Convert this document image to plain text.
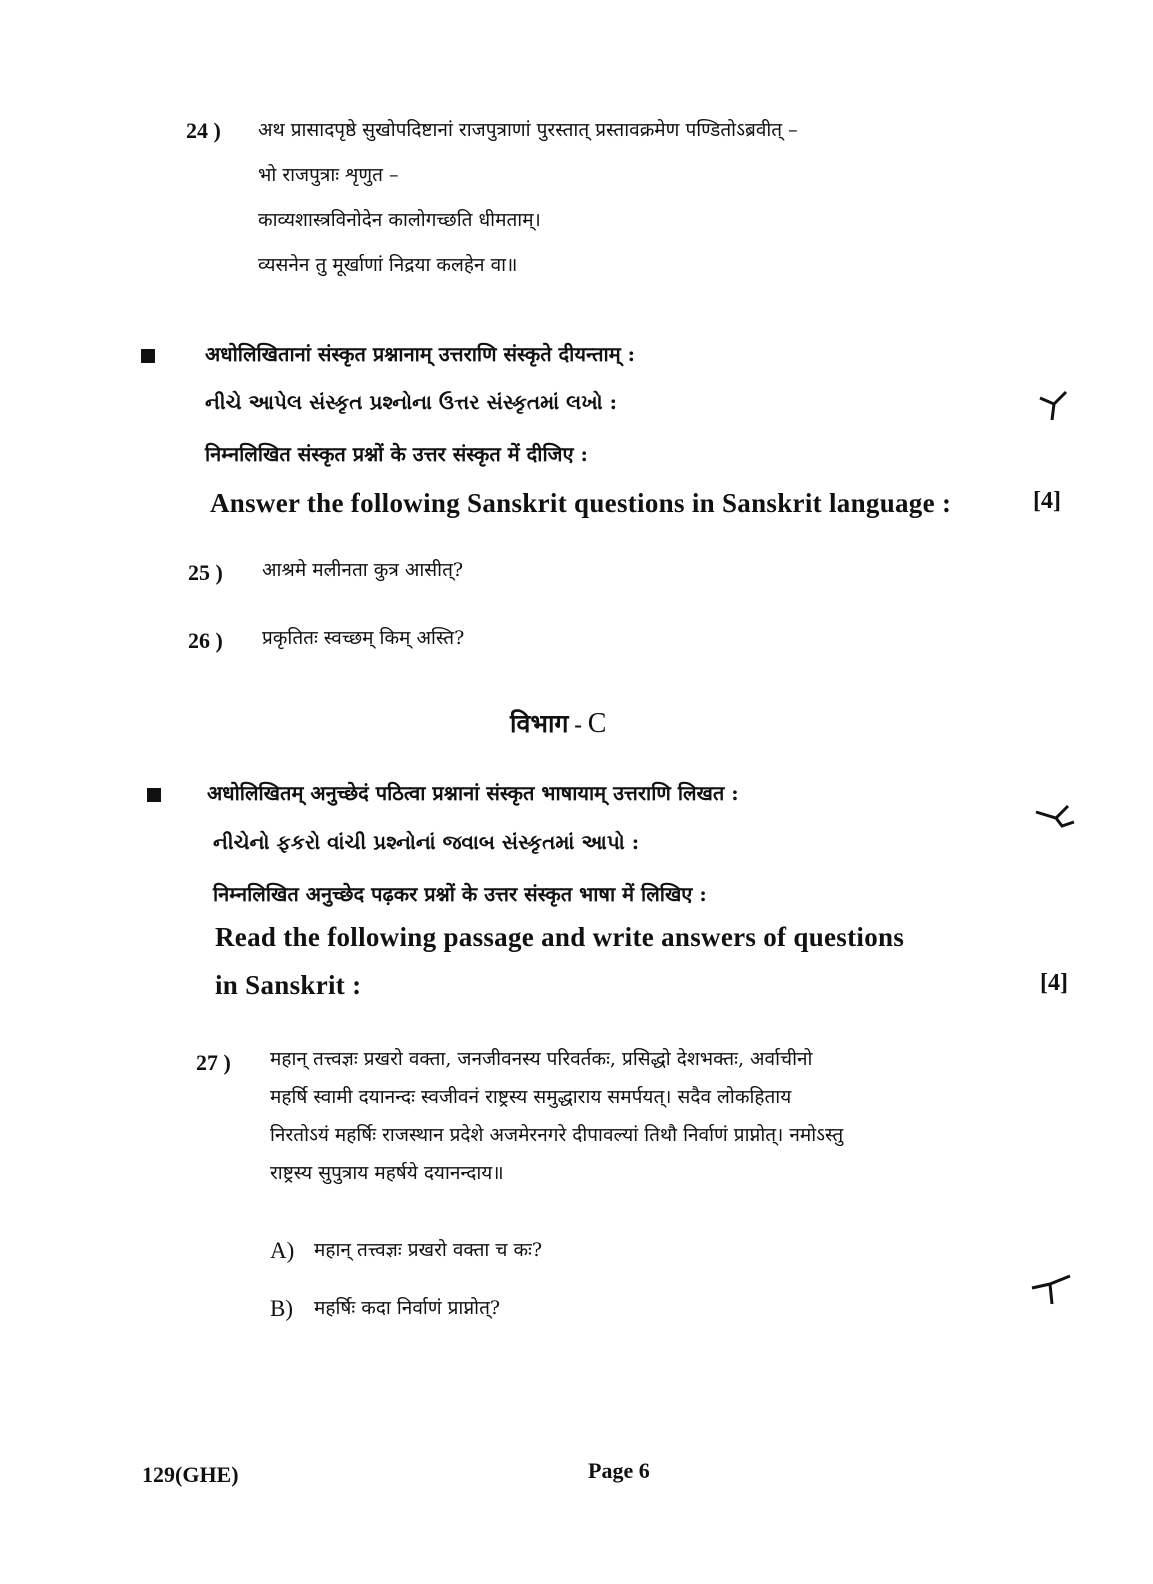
24 ) अथ प्रासादपृष्ठे सुखोपदिष्टानां राजपुत्राणां पुरस्तात् प्रस्तावक्रमेण पण्डितोऽब्रवीत् –
भो राजपुत्राः शृणुत –
काव्यशास्त्रविनोदेन कालोगच्छति धीमताम्।
व्यसनेन तु मूर्खाणां निद्रया कलहेन वा॥
अधोलिखितानां संस्कृत प्रश्नानाम् उत्तराणि संस्कृते दीयन्ताम् :
નીચે આપેલ સંસ્કૃત પ્રશ્નોના ઉત્તર સંસ્કૃતમાં લખો :
निम्नलिखित संस्कृत प्रश्नों के उत्तर संस्कृत में दीजिए :
Answer the following Sanskrit questions in Sanskrit language :	[4]
25 ) आश्रमे मलीनता कुत्र आसीत्?
26 ) प्रकृतितः स्वच्छम् किम् अस्ति?
विभाग - C
अधोलिखितम् अनुच्छेदं पठित्वा प्रश्नानां संस्कृत भाषायाम् उत्तराणि लिखत :
નીચેનો ફકરો વાંચી પ્રશ્નોનાં જવાબ સંસ્કૃતમાં આપો :
निम्नलिखित अनुच्छेद पढ़कर प्रश्नों के उत्तर संस्कृत भाषा में लिखिए :
Read the following passage and write answers of questions
in Sanskrit :	[4]
27 ) महान् तत्त्वज्ञः प्रखरो वक्ता, जनजीवनस्य परिवर्तकः, प्रसिद्धो देशभक्तः, अर्वाचीनो
महर्षि स्वामी दयानन्दः स्वजीवनं राष्ट्रस्य समुद्धाराय समर्पयत्। सदैव लोकहिताय
निरतोऽयं महर्षिः राजस्थान प्रदेशे अजमेरनगरे दीपावल्यां तिथौ निर्वाणं प्राप्नोत्। नमोऽस्तु
राष्ट्रस्य सुपुत्राय महर्षये दयानन्दाय॥
A) महान् तत्त्वज्ञः प्रखरो वक्ता च कः?
B) महर्षिः कदा निर्वाणं प्राप्नोत्?
129(GHE)	Page 6
